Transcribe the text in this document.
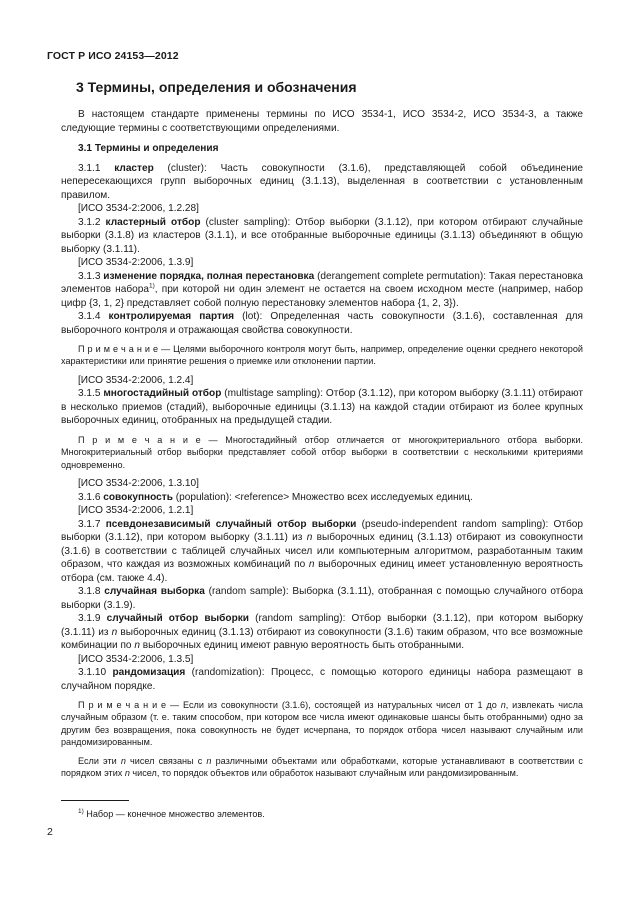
ГОСТ Р ИСО 24153—2012
3 Термины, определения и обозначения

В настоящем стандарте применены термины по ИСО 3534-1, ИСО 3534-2, ИСО 3534-3, а также следующие термины с соответствующими определениями.

3.1 Термины и определения

3.1.1 кластер (cluster): Часть совокупности (3.1.6), представляющей собой объединение непересекающихся групп выборочных единиц (3.1.13), выделенная в соответствии с установленным правилом.

[ИСО 3534-2:2006, 1.2.28]

3.1.2 кластерный отбор (cluster sampling): Отбор выборки (3.1.12), при котором отбирают случайные выборки (3.1.8) из кластеров (3.1.1), и все отобранные выборочные единицы (3.1.13) объединяют в общую выборку (3.1.11).

[ИСО 3534-2:2006, 1.3.9]

3.1.3 изменение порядка, полная перестановка (derangement complete permutation): Такая перестановка элементов набора$^{1)}$, при которой ни один элемент не остается на своем исходном месте (например, набор цифр {3, 1, 2} представляет собой полную перестановку элементов набора {1, 2, 3}).

3.1.4 контролируемая партия (lot): Определенная часть совокупности (3.1.6), составленная для выборочного контроля и отражающая свойства совокупности.

П р и м е ч а н и е — Целями выборочного контроля могут быть, например, определение оценки среднего некоторой характеристики или принятие решения о приемке или отклонении партии.

[ИСО 3534-2:2006, 1.2.4]

3.1.5 многостадийный отбор (multistage sampling): Отбор (3.1.12), при котором выборку (3.1.11) отбирают в несколько приемов (стадий), выборочные единицы (3.1.13) на каждой стадии отбирают из более крупных выборочных единиц, отобранных на предыдущей стадии.

П р и м е ч а н и е — Многостадийный отбор отличается от многокритериального отбора выборки. Многокритериальный отбор выборки представляет собой отбор выборки в соответствии с несколькими критериями одновременно.

[ИСО 3534-2:2006, 1.3.10]

3.1.6 совокупность (population): <reference> Множество всех исследуемых единиц.

[ИСО 3534-2:2006, 1.2.1]

3.1.7 псевдонезависимый случайный отбор выборки (pseudo-independent random sampling): Отбор выборки (3.1.12), при котором выборку (3.1.11) из n выборочных единиц (3.1.13) отбирают из совокупности (3.1.6) в соответствии с таблицей случайных чисел или компьютерным алгоритмом, разработанным таким образом, что каждая из возможных комбинаций по n выборочных единиц имеет установленную вероятность отбора (см. также 4.4).

3.1.8 случайная выборка (random sample): Выборка (3.1.11), отобранная с помощью случайного отбора выборки (3.1.9).

3.1.9 случайный отбор выборки (random sampling): Отбор выборки (3.1.12), при котором выборку (3.1.11) из n выборочных единиц (3.1.13) отбирают из совокупности (3.1.6) таким образом, что все возможные комбинации по n выборочных единиц имеют равную вероятность быть отобранными.

[ИСО 3534-2:2006, 1.3.5]

3.1.10 рандомизация (randomization): Процесс, с помощью которого единицы набора размещают в случайном порядке.

П р и м е ч а н и е — Если из совокупности (3.1.6), состоящей из натуральных чисел от 1 до n, извлекать числа случайным образом (т. е. таким способом, при котором все числа имеют одинаковые шансы быть отобранными) одно за другим без возвращения, пока совокупность не будет исчерпана, то порядок отбора чисел называют случайным или рандомизированным.

Если эти n чисел связаны с n различными объектами или обработками, которые устанавливают в соответствии с порядком этих n чисел, то порядок объектов или обработок называют случайным или рандомизированным.

$^{1)}$ Набор — конечное множество элементов.
2
